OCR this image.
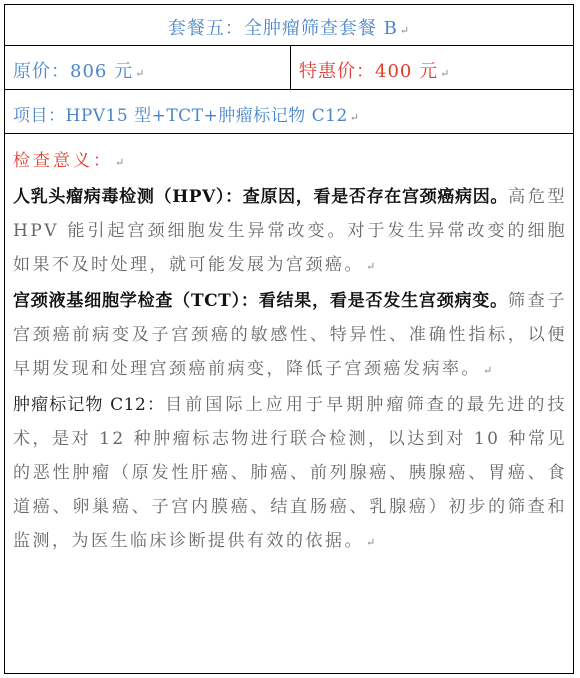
套餐五：全肿瘤筛查套餐 B ↵
原价：806 元 ↵	特惠价：400 元 ↵
项目：HPV15 型+TCT+肿瘤标记物 C12 ↵

检查意义： ↵

人乳头瘤病毒检测（HPV）：查原因，看是否存在宫颈癌病因。高危型 HPV 能引起宫颈细胞发生异常改变。对于发生异常改变的细胞如果不及时处理，就可能发展为宫颈癌。 ↵

宫颈液基细胞学检查（TCT）：看结果，看是否发生宫颈病变。筛查子宫颈癌前病变及子宫颈癌的敏感性、特异性、准确性指标，以便早期发现和处理宫颈癌前病变，降低子宫颈癌发病率。 ↵

肿瘤标记物 C12：目前国际上应用于早期肿瘤筛查的最先进的技术，是对 12 种肿瘤标志物进行联合检测，以达到对 10 种常见的恶性肿瘤（原发性肝癌、肺癌、前列腺癌、胰腺癌、胃癌、食道癌、卵巢癌、子宫内膜癌、结直肠癌、乳腺癌）初步的筛查和监测，为医生临床诊断提供有效的依据。 ↵
